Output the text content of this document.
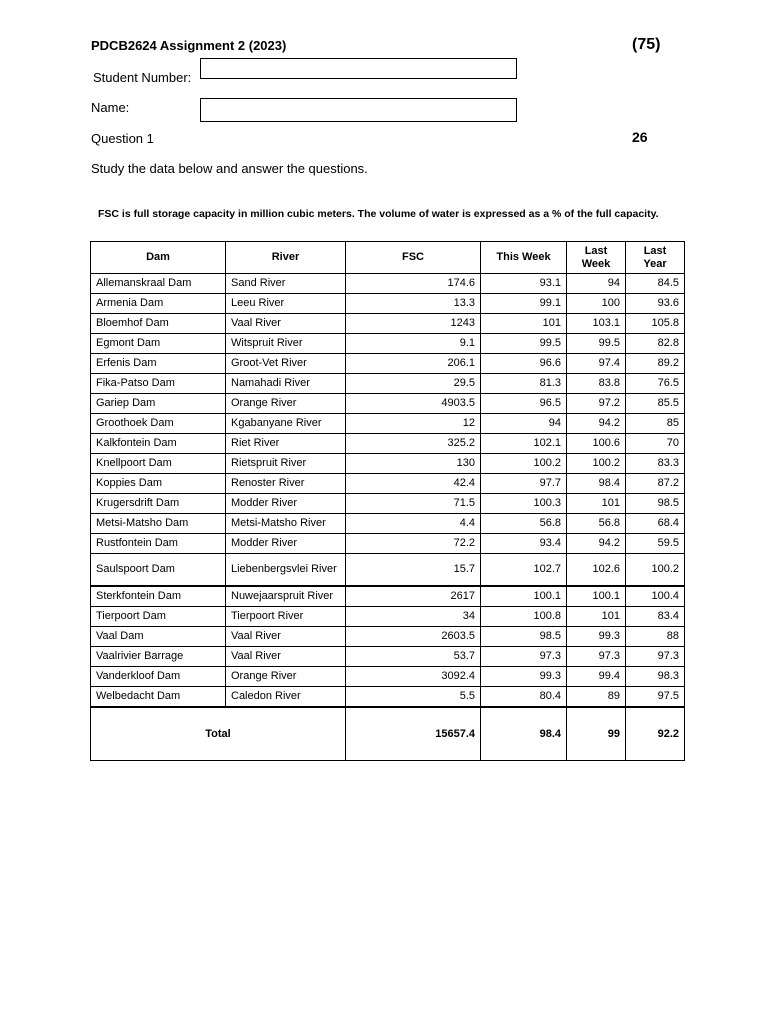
PDCB2624 Assignment 2 (2023)	(75)
Student Number:
Name:
Question 1	26
Study the data below and answer the questions.
FSC is full storage capacity in million cubic meters. The volume of water is expressed as a % of the full capacity.
Dam	River	FSC	This Week	Last Week	Last Year
Allemanskraal Dam	Sand River	174.6	93.1	94	84.5
Armenia Dam	Leeu River	13.3	99.1	100	93.6
Bloemhof Dam	Vaal River	1243	101	103.1	105.8
Egmont Dam	Witspruit River	9.1	99.5	99.5	82.8
Erfenis Dam	Groot-Vet River	206.1	96.6	97.4	89.2
Fika-Patso Dam	Namahadi River	29.5	81.3	83.8	76.5
Gariep Dam	Orange River	4903.5	96.5	97.2	85.5
Groothoek Dam	Kgabanyane River	12	94	94.2	85
Kalkfontein Dam	Riet River	325.2	102.1	100.6	70
Knellpoort Dam	Rietspruit River	130	100.2	100.2	83.3
Koppies Dam	Renoster River	42.4	97.7	98.4	87.2
Krugersdrift Dam	Modder River	71.5	100.3	101	98.5
Metsi-Matsho Dam	Metsi-Matsho River	4.4	56.8	56.8	68.4
Rustfontein Dam	Modder River	72.2	93.4	94.2	59.5
Saulspoort Dam	Liebenbergsvlei River	15.7	102.7	102.6	100.2
Sterkfontein Dam	Nuwejaarspruit River	2617	100.1	100.1	100.4
Tierpoort Dam	Tierpoort River	34	100.8	101	83.4
Vaal Dam	Vaal River	2603.5	98.5	99.3	88
Vaalrivier Barrage	Vaal River	53.7	97.3	97.3	97.3
Vanderkloof Dam	Orange River	3092.4	99.3	99.4	98.3
Welbedacht Dam	Caledon River	5.5	80.4	89	97.5
Total		15657.4	98.4	99	92.2
